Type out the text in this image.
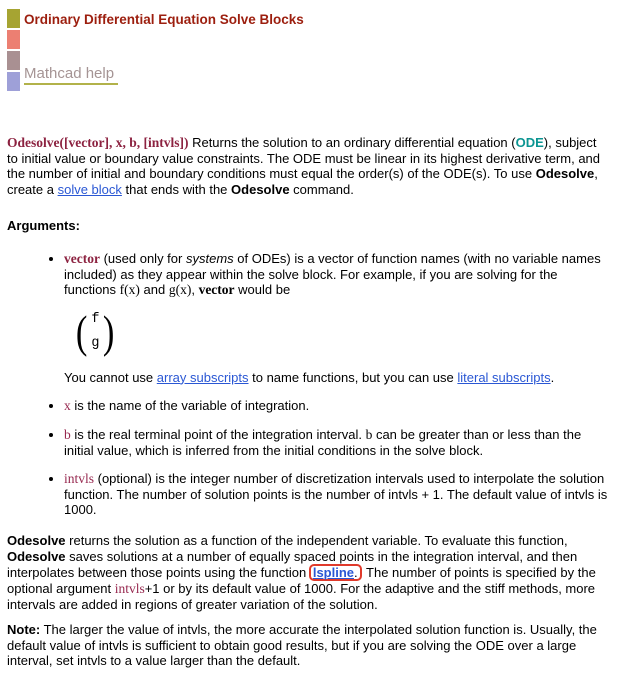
Ordinary Differential Equation Solve Blocks

Mathcad help

Odesolve([vector], x, b, [intvls]) Returns the solution to an ordinary differential equation (ODE), subject to initial value or boundary value constraints. The ODE must be linear in its highest derivative term, and the number of initial and boundary conditions must equal the order(s) of the ODE(s). To use Odesolve, create a solve block that ends with the Odesolve command.

Arguments:

• vector (used only for systems of ODEs) is a vector of function names (with no variable names included) as they appear within the solve block. For example, if you are solving for the functions f(x) and g(x), vector would be

( f
g )

You cannot use array subscripts to name functions, but you can use literal subscripts.

• x is the name of the variable of integration.

• b is the real terminal point of the integration interval. b can be greater than or less than the initial value, which is inferred from the initial conditions in the solve block.

• intvls (optional) is the integer number of discretization intervals used to interpolate the solution function. The number of solution points is the number of intvls + 1. The default value of intvls is 1000.

Odesolve returns the solution as a function of the independent variable. To evaluate this function, Odesolve saves solutions at a number of equally spaced points in the integration interval, and then interpolates between those points using the function lspline. The number of points is specified by the optional argument intvls+1 or by its default value of 1000. For the adaptive and the stiff methods, more intervals are added in regions of greater variation of the solution.

Note: The larger the value of intvls, the more accurate the interpolated solution function is. Usually, the default value of intvls is sufficient to obtain good results, but if you are solving the ODE over a large interval, set intvls to a value larger than the default.
